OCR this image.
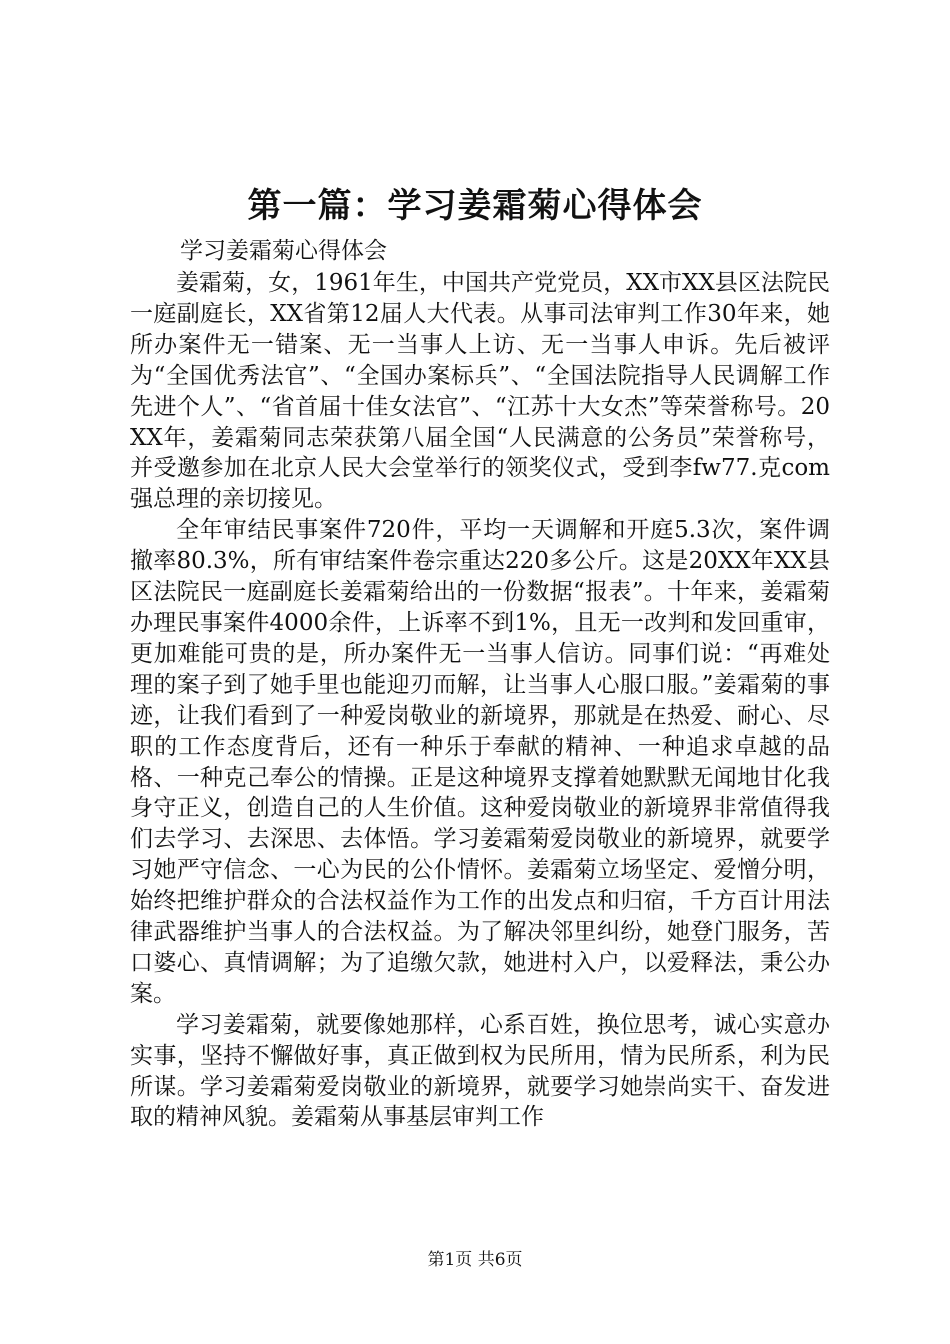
第一篇：学习姜霜菊心得体会

学习姜霜菊心得体会

姜霜菊，女，1961年生，中国共产党党员，XX市XX县区法院民一庭副庭长，XX省第12届人大代表。从事司法审判工作30年来，她所办案件无一错案、无一当事人上访、无一当事人申诉。先后被评为“全国优秀法官”、“全国办案标兵”、“全国法院指导人民调解工作先进个人”、“省首届十佳女法官”、“江苏十大女杰”等荣誉称号。20XX年，姜霜菊同志荣获第八届全国“人民满意的公务员”荣誉称号，并受邀参加在北京人民大会堂举行的领奖仪式，受到李fw77.克com强总理的亲切接见。

全年审结民事案件720件，平均一天调解和开庭5.3次，案件调撤率80.3%，所有审结案件卷宗重达220多公斤。这是20XX年XX县区法院民一庭副庭长姜霜菊给出的一份数据“报表”。十年来，姜霜菊办理民事案件4000余件，上诉率不到1%，且无一改判和发回重审，更加难能可贵的是，所办案件无一当事人信访。同事们说：“再难处理的案子到了她手里也能迎刃而解，让当事人心服口服。”姜霜菊的事迹，让我们看到了一种爱岗敬业的新境界，那就是在热爱、耐心、尽职的工作态度背后，还有一种乐于奉献的精神、一种追求卓越的品格、一种克己奉公的情操。正是这种境界支撑着她默默无闻地甘化我身守正义，创造自己的人生价值。这种爱岗敬业的新境界非常值得我们去学习、去深思、去体悟。学习姜霜菊爱岗敬业的新境界，就要学习她严守信念、一心为民的公仆情怀。姜霜菊立场坚定、爱憎分明，始终把维护群众的合法权益作为工作的出发点和归宿，千方百计用法律武器维护当事人的合法权益。为了解决邻里纠纷，她登门服务，苦口婆心、真情调解；为了追缴欠款，她进村入户，以爱释法，秉公办案。

学习姜霜菊，就要像她那样，心系百姓，换位思考，诚心实意办实事，坚持不懈做好事，真正做到权为民所用，情为民所系，利为民所谋。学习姜霜菊爱岗敬业的新境界，就要学习她崇尚实干、奋发进取的精神风貌。姜霜菊从事基层审判工作

第1页 共6页
